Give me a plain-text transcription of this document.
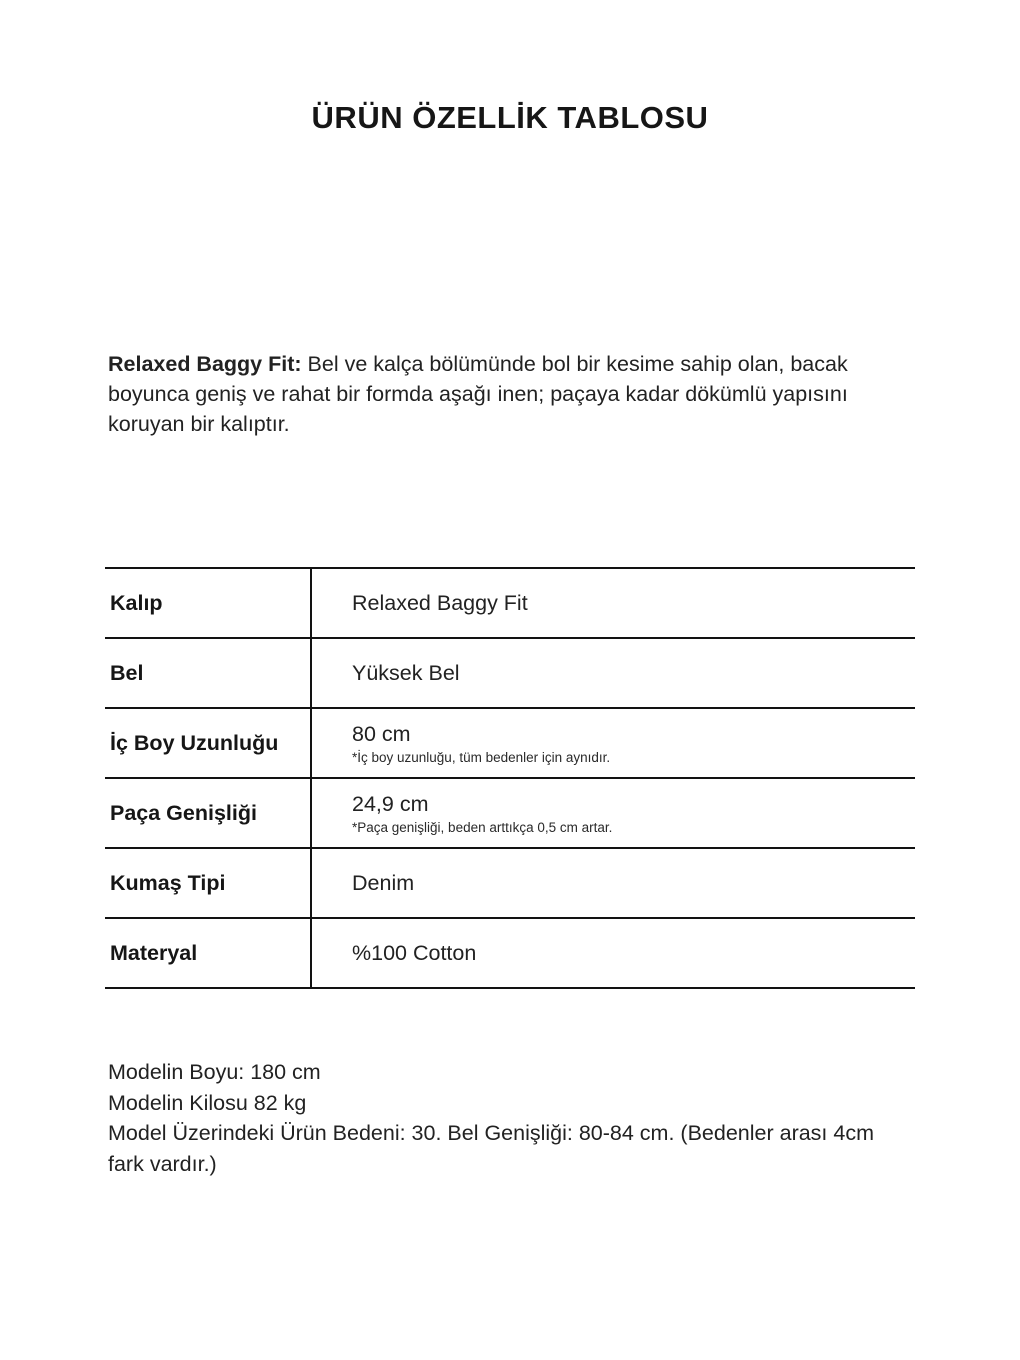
ÜRÜN ÖZELLİK TABLOSU

Relaxed Baggy Fit: Bel ve kalça bölümünde bol bir kesime sahip olan, bacak boyunca geniş ve rahat bir formda aşağı inen; paçaya kadar dökümlü yapısını koruyan bir kalıptır.

Kalıp	Relaxed Baggy Fit
Bel	Yüksek Bel
İç Boy Uzunluğu	80 cm
*İç boy uzunluğu, tüm bedenler için aynıdır.
Paça Genişliği	24,9 cm
*Paça genişliği, beden arttıkça 0,5 cm artar.
Kumaş Tipi	Denim
Materyal	%100 Cotton

Modelin Boyu: 180 cm

Modelin Kilosu 82 kg

Model Üzerindeki Ürün Bedeni: 30. Bel Genişliği: 80-84 cm. (Bedenler arası 4cm fark vardır.)
